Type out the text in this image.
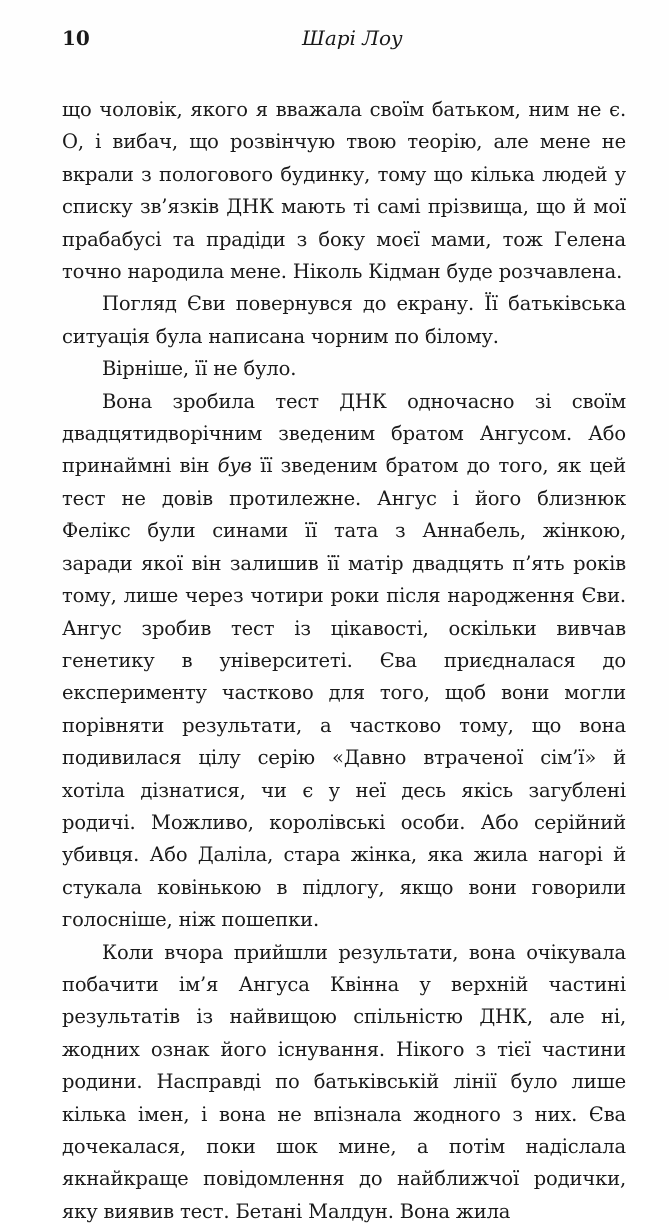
10	Шарі Лоу

що чоловік, якого я вважала своїм батьком, ним не є. О, і вибач, що розвінчую твою теорію, але мене не вкрали з пологового будинку, тому що кілька людей у списку зв’язків ДНК мають ті самі прізвища, що й мої прабабусі та прадіди з боку моєї мами, тож Гелена точно народила мене. Ніколь Кідман буде розчавлена.

Погляд Єви повернувся до екрану. Її батьківська ситуація була написана чорним по білому.

Вірніше, її не було.

Вона зробила тест ДНК одночасно зі своїм двадцятидворічним зведеним братом Ангусом. Або принаймні він був її зведеним братом до того, як цей тест не довів протилежне. Ангус і його близнюк Фелікс були синами її тата з Аннабель, жінкою, заради якої він залишив її матір двадцять п’ять років тому, лише через чотири роки після народження Єви. Ангус зробив тест із цікавості, оскільки вивчав генетику в університеті. Єва приєдналася до експерименту частково для того, щоб вони могли порівняти результати, а частково тому, що вона подивилася цілу серію «Давно втраченої сім’ї» й хотіла дізнатися, чи є у неї десь якісь загублені родичі. Можливо, королівські особи. Або серійний убивця. Або Даліла, стара жінка, яка жила нагорі й стукала ковінькою в підлогу, якщо вони говорили голосніше, ніж пошепки.

Коли вчора прийшли результати, вона очікувала побачити ім’я Ангуса Квінна у верхній частині результатів із найвищою спільністю ДНК, але ні, жодних ознак його існування. Нікого з тієї частини родини. Насправді по батьківській лінії було лише кілька імен, і вона не впізнала жодного з них. Єва дочекалася, поки шок мине, а потім надіслала якнайкраще повідомлення до найближчої родички, яку виявив тест. Бетані Малдун. Вона жила
